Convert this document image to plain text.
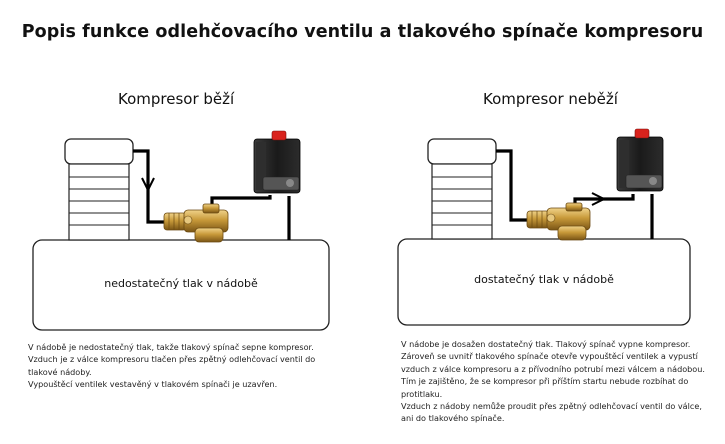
Popis funkce odlehčovacího ventilu a tlakového spínače kompresoru
Kompresor běží	Kompresor neběží
nedostatečný tlak v nádobě	dostatečný tlak v nádobě

V nádobě je nedostatečný tlak, takže tlakový spínač sepne kompresor.

Vzduch je z válce kompresoru tlačen přes zpětný odlehčovací ventil do

tlakové nádoby.

Vypouštěcí ventilek vestavěný v tlakovém spínači je uzavřen.

V nádobe je dosažen dostatečný tlak. Tlakový spínač vypne kompresor.

Zároveň se uvnitř tlakového spínače otevře vypouštěcí ventilek a vypustí

vzduch z válce kompresoru a z přívodního potrubí mezi válcem a nádobou.

Tím je zajištěno, že se kompresor při příštím startu nebude rozbíhat do

protitlaku.

Vzduch z nádoby nemůže proudit přes zpětný odlehčovací ventil do válce,

ani do tlakového spínače.
